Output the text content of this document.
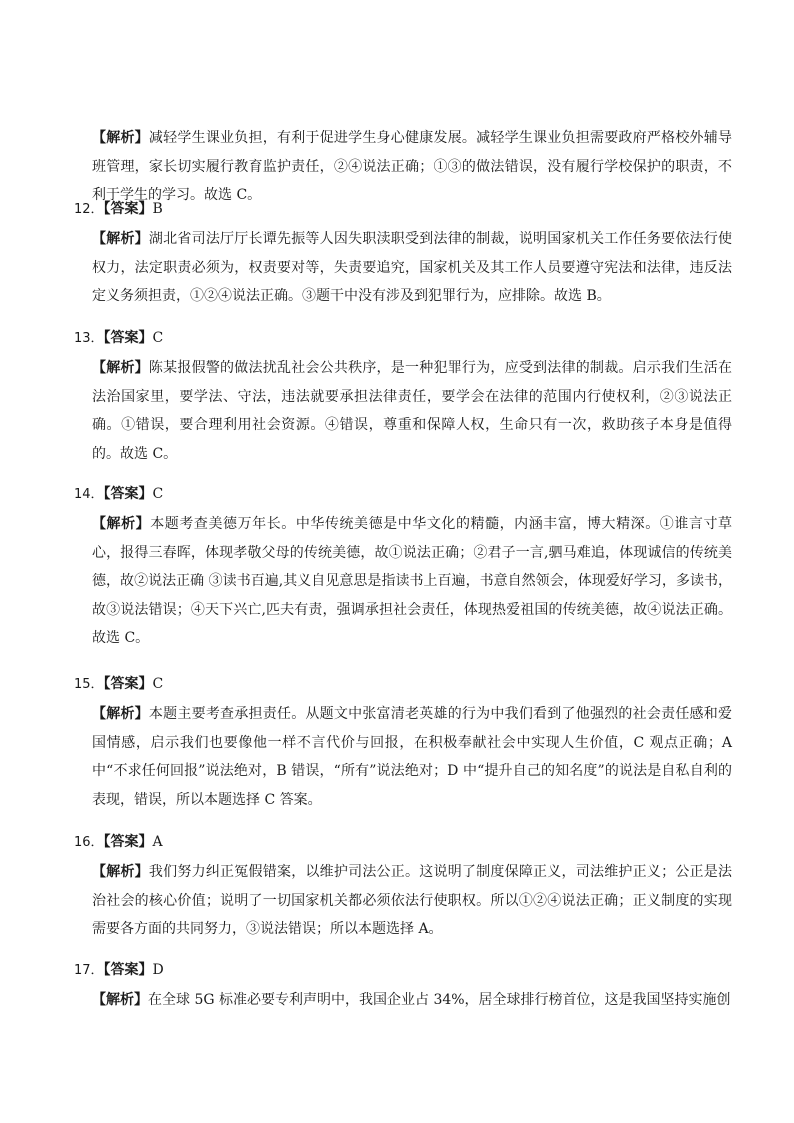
【解析】减轻学生课业负担，有利于促进学生身心健康发展。减轻学生课业负担需要政府严格校外辅导班管理，家长切实履行教育监护责任，②④说法正确；①③的做法错误，没有履行学校保护的职责，不利于学生的学习。故选 C。

12．【答案】B

【解析】湖北省司法厅厅长谭先振等人因失职渎职受到法律的制裁，说明国家机关工作任务要依法行使权力，法定职责必须为，权责要对等，失责要追究，国家机关及其工作人员要遵守宪法和法律，违反法定义务须担责，①②④说法正确。③题干中没有涉及到犯罪行为，应排除。故选 B。

13．【答案】C

【解析】陈某报假警的做法扰乱社会公共秩序，是一种犯罪行为，应受到法律的制裁。启示我们生活在法治国家里，要学法、守法，违法就要承担法律责任，要学会在法律的范围内行使权利，②③说法正确。①错误，要合理利用社会资源。④错误，尊重和保障人权，生命只有一次，救助孩子本身是值得的。故选 C。

14．【答案】C

【解析】本题考查美德万年长。中华传统美德是中华文化的精髓，内涵丰富，博大精深。①谁言寸草心，报得三春晖，体现孝敬父母的传统美德，故①说法正确；②君子一言,驷马难追，体现诚信的传统美德，故②说法正确 ③读书百遍,其义自见意思是指读书上百遍，书意自然领会，体现爱好学习，多读书，故③说法错误；④天下兴亡,匹夫有责，强调承担社会责任，体现热爱祖国的传统美德，故④说法正确。故选 C。

15．【答案】C

【解析】本题主要考查承担责任。从题文中张富清老英雄的行为中我们看到了他强烈的社会责任感和爱国情感，启示我们也要像他一样不言代价与回报，在积极奉献社会中实现人生价值，C 观点正确；A 中“不求任何回报”说法绝对，B 错误，“所有”说法绝对；D 中“提升自己的知名度”的说法是自私自利的表现，错误，所以本题选择 C 答案。

16．【答案】A

【解析】我们努力纠正冤假错案，以维护司法公正。这说明了制度保障正义，司法维护正义；公正是法治社会的核心价值；说明了一切国家机关都必须依法行使职权。所以①②④说法正确；正义制度的实现需要各方面的共同努力，③说法错误；所以本题选择 A。

17．【答案】D

【解析】在全球 5G 标准必要专利声明中，我国企业占 34%，居全球排行榜首位，这是我国坚持实施创
